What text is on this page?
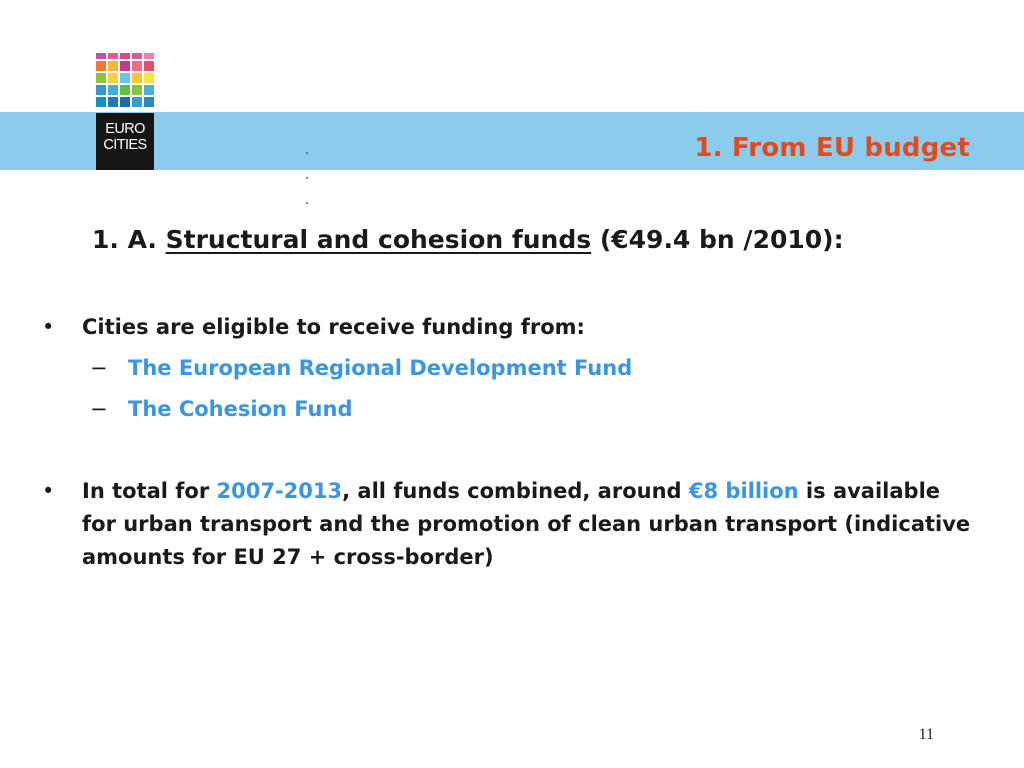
EURO
CITIES	1. From EU budget
1. A. Structural and cohesion funds (€49.4 bn /2010):
• Cities are eligible to receive funding from:
− The European Regional Development Fund
− The Cohesion Fund
• In total for 2007-2013, all funds combined, around €8 billion is available for urban transport and the promotion of clean urban transport (indicative amounts for EU 27 + cross-border)
11
